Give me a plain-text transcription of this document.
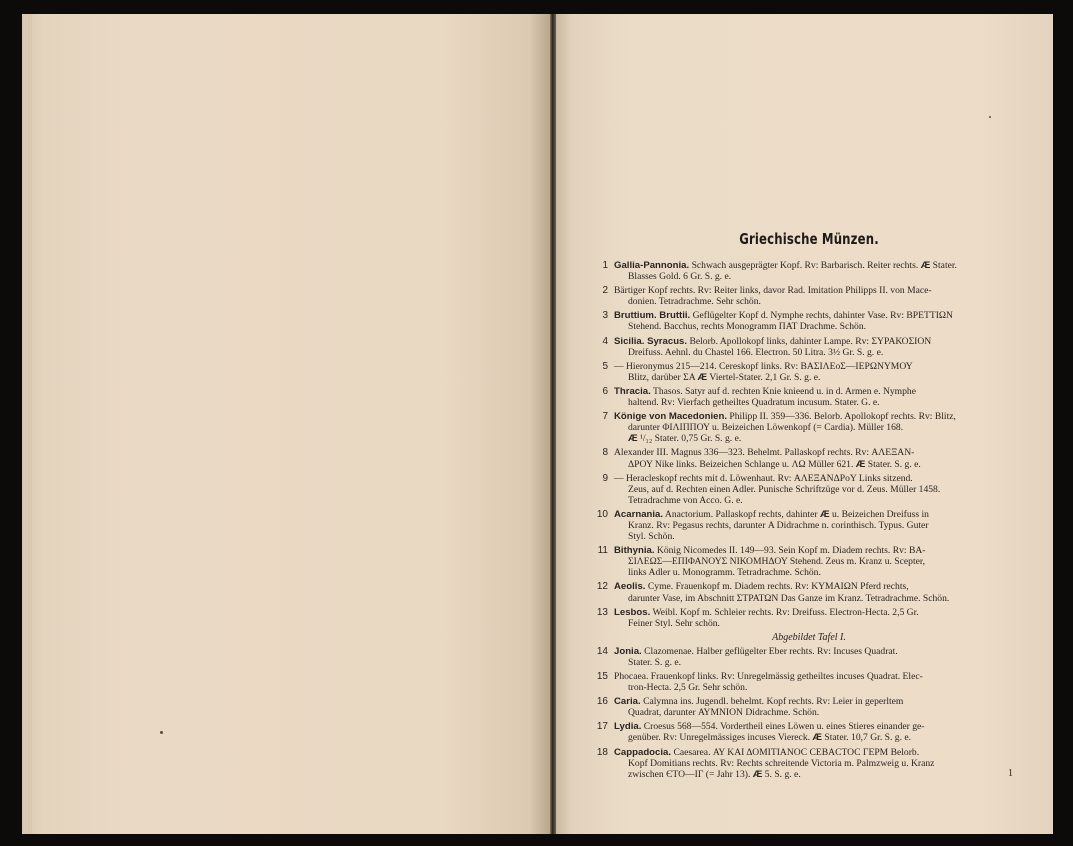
Griechische Münzen.
1 Gallia-Pannonia. Schwach ausgeprägter Kopf. Rv: Barbarisch. Reiter rechts. Æ Stater.
Blasses Gold. 6 Gr. S. g. e.
2 Bärtiger Kopf rechts. Rv: Reiter links, davor Rad. Imitation Philipps II. von Mace-
donien. Tetradrachme. Sehr schön.
3 Bruttium. Bruttii. Geflügelter Kopf d. Nymphe rechts, dahinter Vase. Rv: ΒΡΕΤΤΙΩΝ
Stehend. Bacchus, rechts Monogramm ΠΑΤ Drachme. Schön.
4 Sicilia. Syracus. Belorb. Apollokopf links, dahinter Lampe. Rv: ΣΥΡΑΚΟΣΙΟΝ
Dreifuss. Aehnl. du Chastel 166. Electron. 50 Litra. 3½ Gr. S. g. e.
5 — Hieronymus 215—214. Cereskopf links. Rv: ΒΑΣΙΛΕοΣ—ΙΕΡΩΝΥΜΟΥ
Blitz, darüber ΣΑ Æ Viertel-Stater. 2,1 Gr. S. g. e.
6 Thracia. Thasos. Satyr auf d. rechten Knie knieend u. in d. Armen e. Nymphe
haltend. Rv: Vierfach getheiltes Quadratum incusum. Stater. G. e.
7 Könige von Macedonien. Philipp II. 359—336. Belorb. Apollokopf rechts. Rv: Blitz,
darunter ΦΙΛΙΠΠΟΥ u. Beizeichen Löwenkopf (= Cardia). Müller 168.
Æ ¹/₁₂ Stater. 0,75 Gr. S. g. e.
8 Alexander III. Magnus 336—323. Behelmt. Pallaskopf rechts. Rv: ΑΛΕΞΑΝ-
ΔΡΟΥ Nike links. Beizeichen Schlange u. ΛΩ Müller 621. Æ Stater. S. g. e.
9 — Heracleskopf rechts mit d. Löwenhaut. Rv: ΑΛΕΞΑΝΔΡοΥ Links sitzend.
Zeus, auf d. Rechten einen Adler. Punische Schriftzüge vor d. Zeus. Müller 1458.
Tetradrachme von Acco. G. e.
10 Acarnania. Anactorium. Pallaskopf rechts, dahinter Æ u. Beizeichen Dreifuss in
Kranz. Rv: Pegasus rechts, darunter Α Didrachme n. corinthisch. Typus. Guter
Styl. Schön.
11 Bithynia. König Nicomedes II. 149—93. Sein Kopf m. Diadem rechts. Rv: ΒΑ-
ΣΙΛΕΩΣ—ΕΠΙΦΑΝΟΥΣ ΝΙΚΟΜΗΔΟΥ Stehend. Zeus m. Kranz u. Scepter,
links Adler u. Monogramm. Tetradrachme. Schön.
12 Aeolis. Cyme. Frauenkopf m. Diadem rechts. Rv: ΚΥΜΑΙΩΝ Pferd rechts,
darunter Vase, im Abschnitt ΣΤΡΑΤΩΝ Das Ganze im Kranz. Tetradrachme. Schön.
13 Lesbos. Weibl. Kopf m. Schleier rechts. Rv: Dreifuss. Electron-Hecta. 2,5 Gr.
Feiner Styl. Sehr schön.
Abgebildet Tafel I.
14 Jonia. Clazomenae. Halber geflügelter Eber rechts. Rv: Incuses Quadrat.
Stater. S. g. e.
15 Phocaea. Frauenkopf links. Rv: Unregelmässig getheiltes incuses Quadrat. Elec-
tron-Hecta. 2,5 Gr. Sehr schön.
16 Caria. Calymna ins. Jugendl. behelmt. Kopf rechts. Rv: Leier in geperltem
Quadrat, darunter ΑΥΜΝΙΟΝ Didrachme. Schön.
17 Lydia. Croesus 568—554. Vordertheil eines Löwen u. eines Stieres einander ge-
genüber. Rv: Unregelmässiges incuses Viereck. Æ Stater. 10,7 Gr. S. g. e.
18 Cappadocia. Caesarea. ΑΥ ΚΑΙ ΔΟΜΙΤΙΑΝΟC CEBACTOC ΓΕΡΜ Belorb.
Kopf Domitians rechts. Rv: Rechts schreitende Victoria m. Palmzweig u. Kranz
zwischen ЄΤΟ—ΙΓ (= Jahr 13). Æ 5. S. g. e.	1
